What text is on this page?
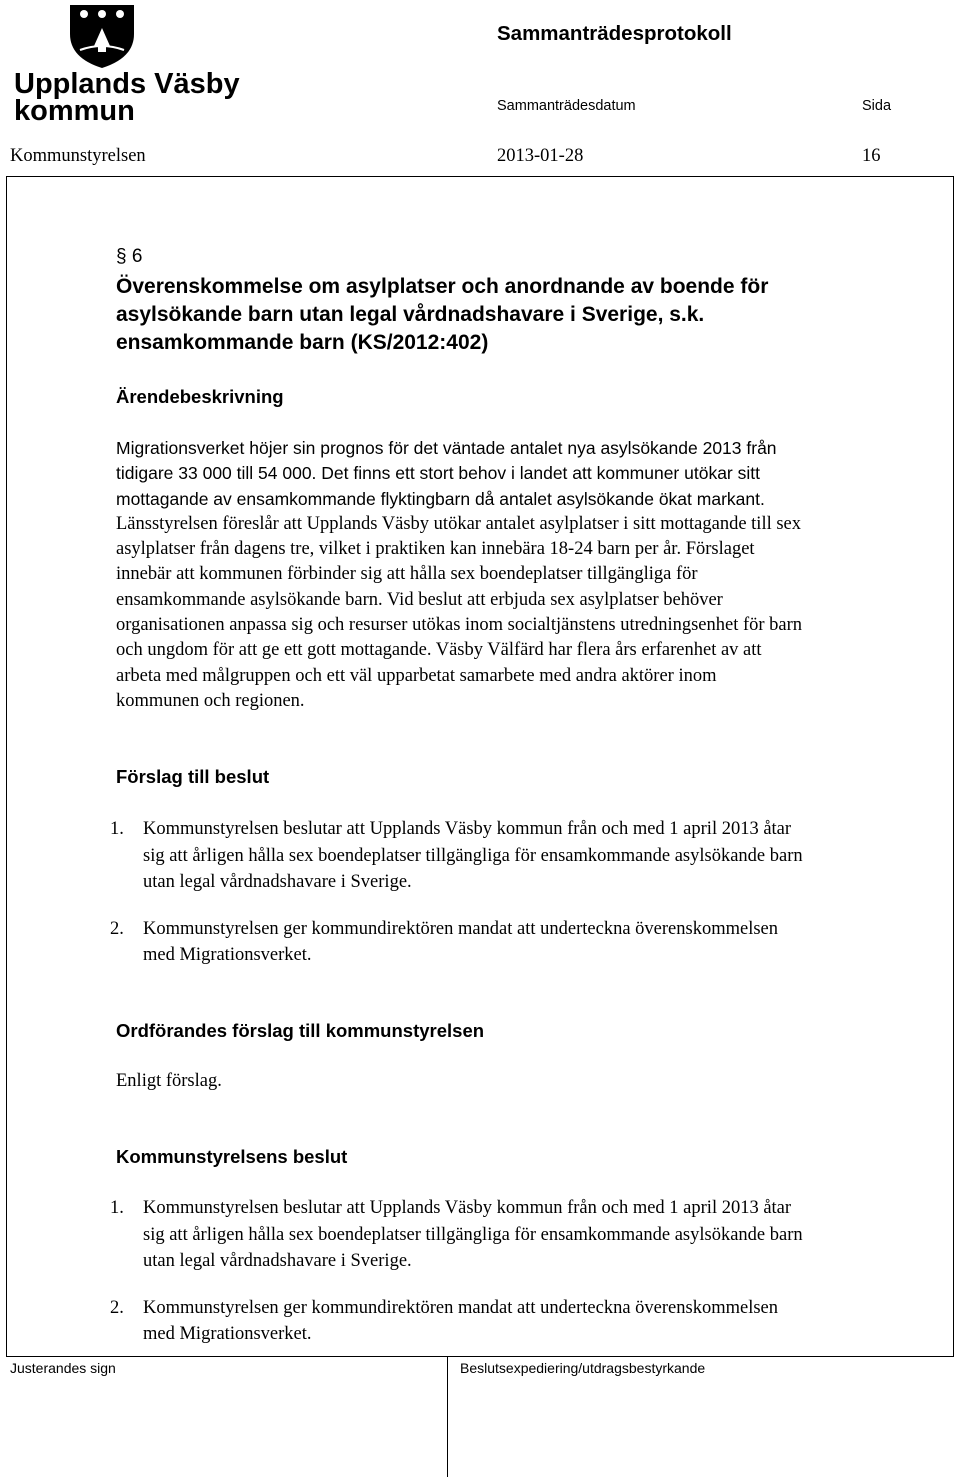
Upplands Väsby
kommun
Sammanträdesprotokoll
Sammanträdesdatum	Sida
Kommunstyrelsen	2013-01-28	16
§ 6
Överenskommelse om asylplatser och anordnande av boende för
asylsökande barn utan legal vårdnadshavare i Sverige, s.k.
ensamkommande barn (KS/2012:402)
Ärendebeskrivning
Migrationsverket höjer sin prognos för det väntade antalet nya asylsökande 2013 från
tidigare 33 000 till 54 000. Det finns ett stort behov i landet att kommuner utökar sitt
mottagande av ensamkommande flyktingbarn då antalet asylsökande ökat markant.
Länsstyrelsen föreslår att Upplands Väsby utökar antalet asylplatser i sitt mottagande till sex
asylplatser från dagens tre, vilket i praktiken kan innebära 18-24 barn per år. Förslaget
innebär att kommunen förbinder sig att hålla sex boendeplatser tillgängliga för
ensamkommande asylsökande barn. Vid beslut att erbjuda sex asylplatser behöver
organisationen anpassa sig och resurser utökas inom socialtjänstens utredningsenhet för barn
och ungdom för att ge ett gott mottagande. Väsby Välfärd har flera års erfarenhet av att
arbeta med målgruppen och ett väl upparbetat samarbete med andra aktörer inom
kommunen och regionen.
Förslag till beslut
1. Kommunstyrelsen beslutar att Upplands Väsby kommun från och med 1 april 2013 åtar
sig att årligen hålla sex boendeplatser tillgängliga för ensamkommande asylsökande barn
utan legal vårdnadshavare i Sverige.
2. Kommunstyrelsen ger kommundirektören mandat att underteckna överenskommelsen
med Migrationsverket.
Ordförandes förslag till kommunstyrelsen
Enligt förslag.
Kommunstyrelsens beslut
1. Kommunstyrelsen beslutar att Upplands Väsby kommun från och med 1 april 2013 åtar
sig att årligen hålla sex boendeplatser tillgängliga för ensamkommande asylsökande barn
utan legal vårdnadshavare i Sverige.
2. Kommunstyrelsen ger kommundirektören mandat att underteckna överenskommelsen
med Migrationsverket.
Justerandes sign	Beslutsexpediering/utdragsbestyrkande
